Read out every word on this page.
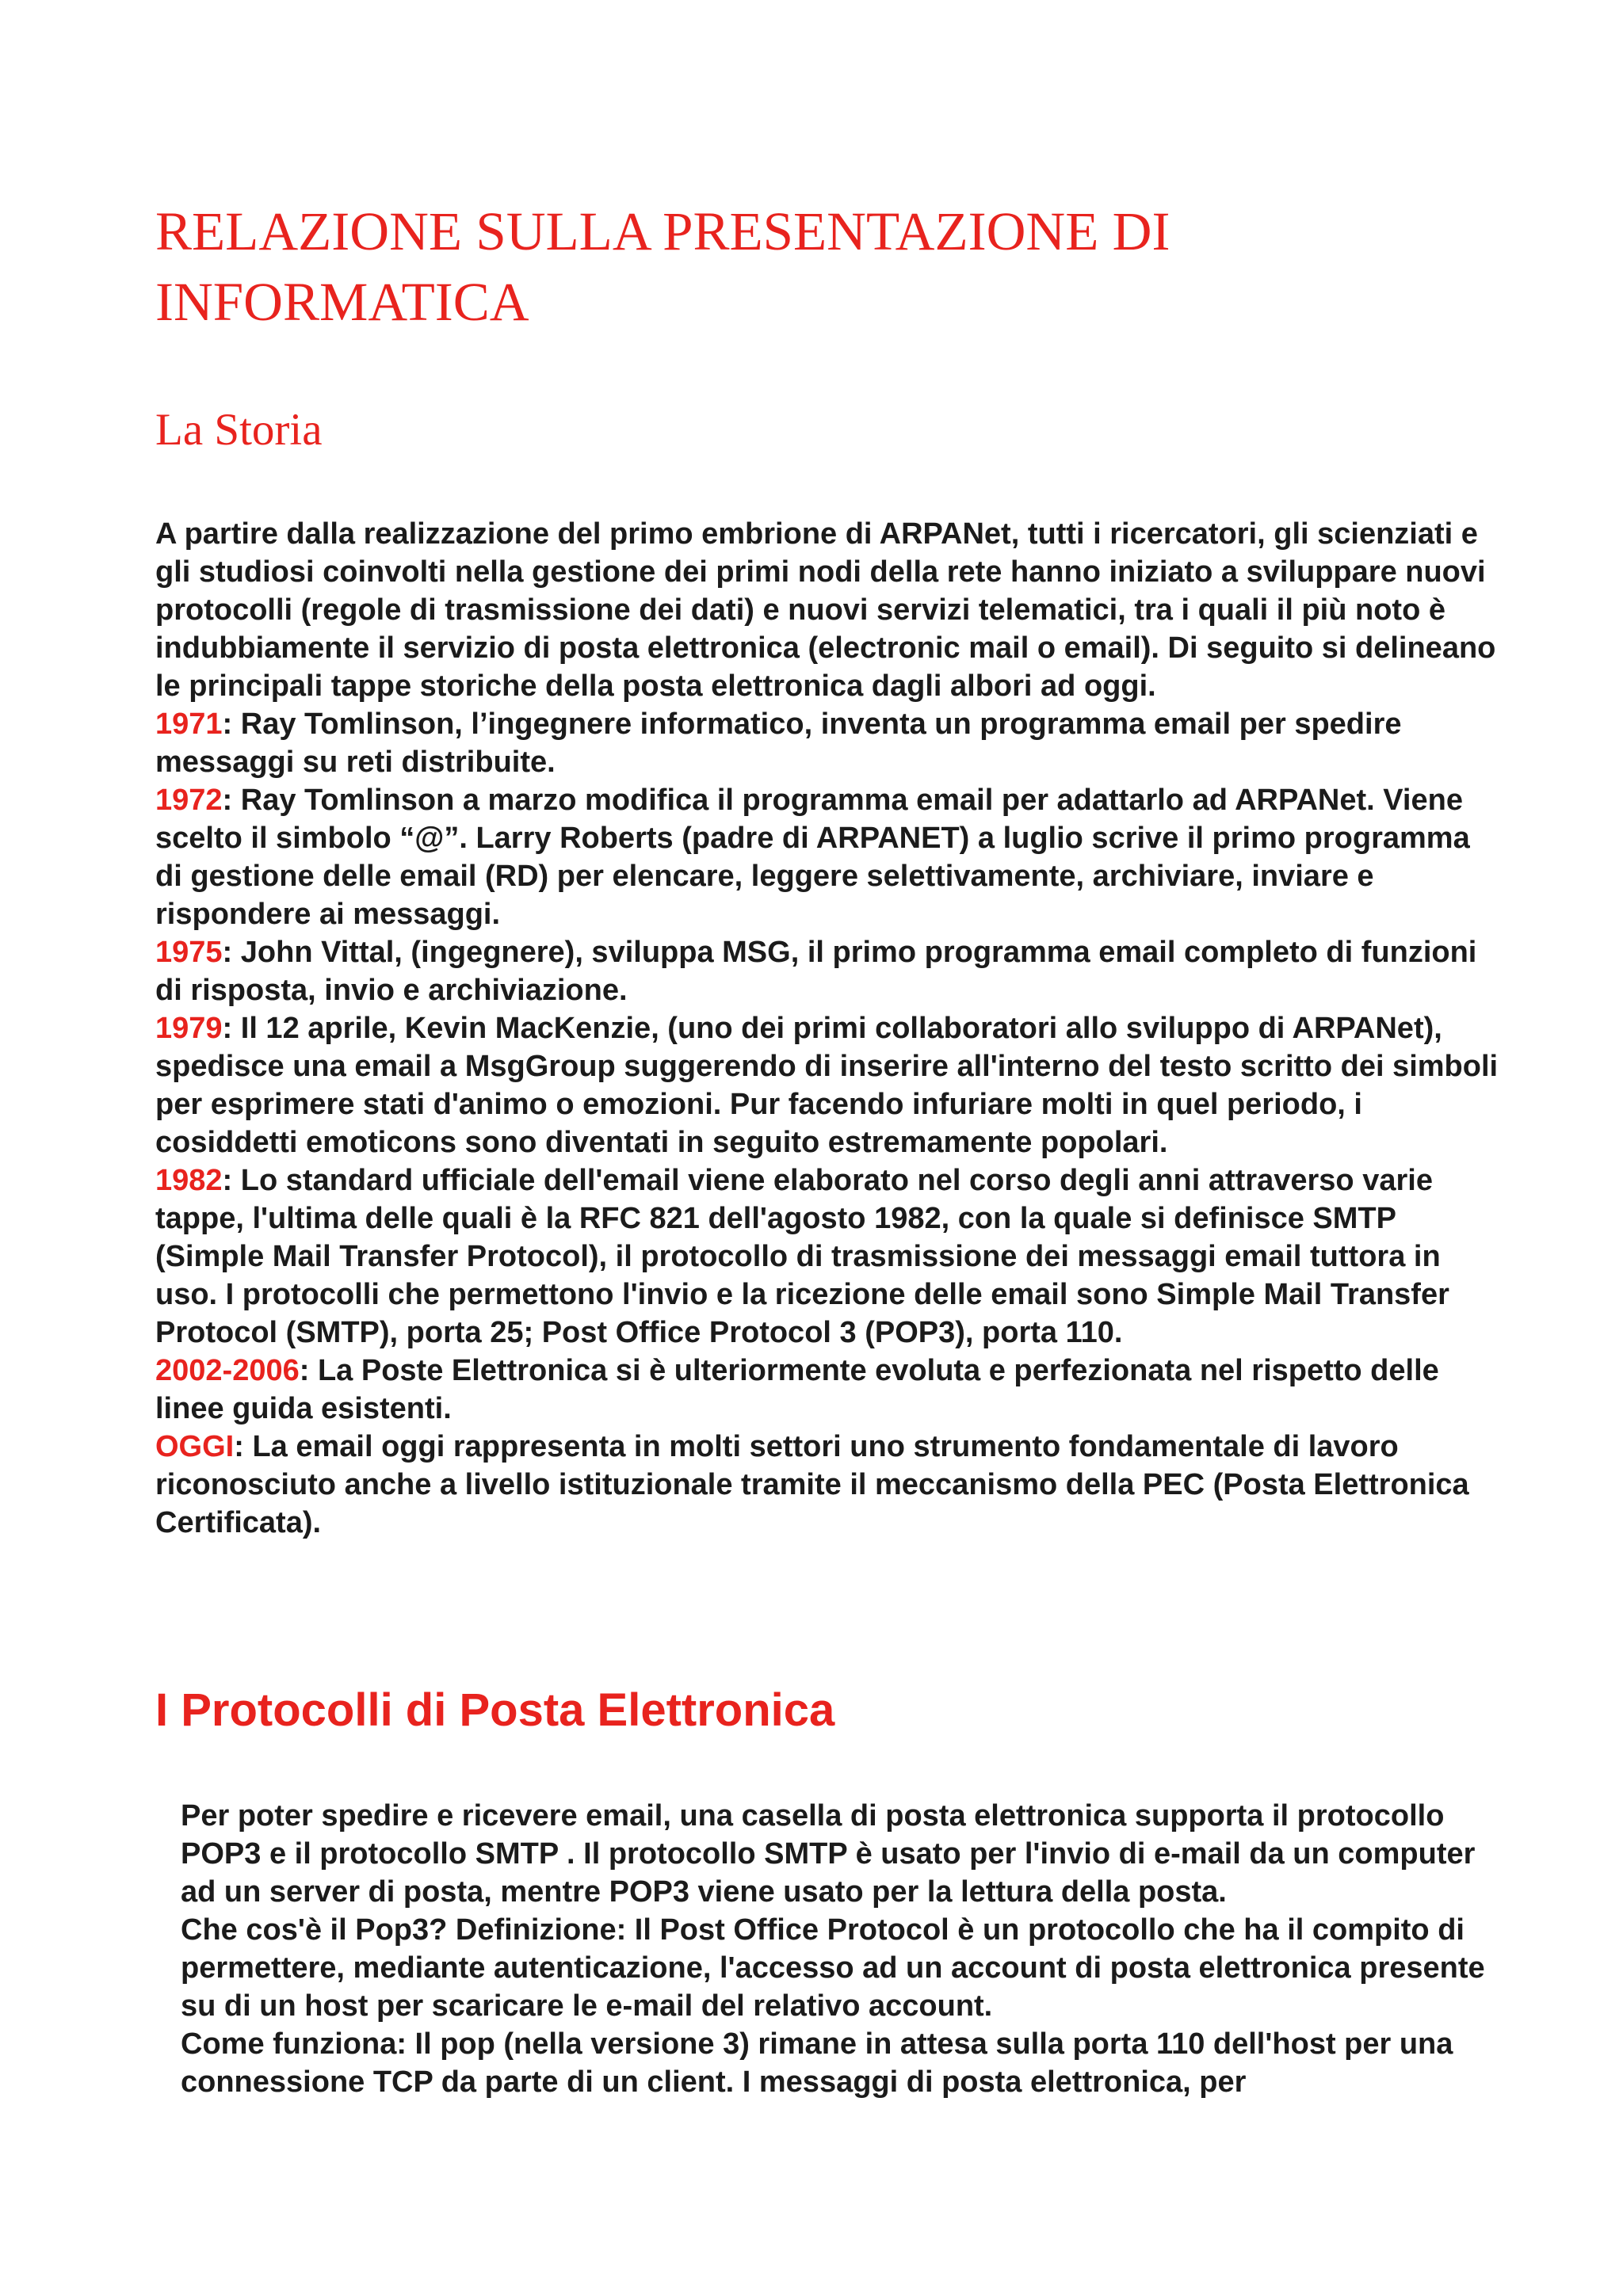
RELAZIONE SULLA PRESENTAZIONE DI INFORMATICA
La Storia

A partire dalla realizzazione del primo embrione di ARPANet, tutti i ricercatori, gli scienziati e gli studiosi coinvolti nella gestione dei primi nodi della rete hanno iniziato a sviluppare nuovi protocolli (regole di trasmissione dei dati) e nuovi servizi telematici, tra i quali il più noto è indubbiamente il servizio di posta elettronica (electronic mail o email). Di seguito si delineano le principali tappe storiche della posta elettronica dagli albori ad oggi.

1971: Ray Tomlinson, l’ingegnere informatico, inventa un programma email per spedire messaggi su reti distribuite.

1972: Ray Tomlinson a marzo modifica il programma email per adattarlo ad ARPANet. Viene scelto il simbolo “@”. Larry Roberts (padre di ARPANET) a luglio scrive il primo programma di gestione delle email (RD) per elencare, leggere selettivamente, archiviare, inviare e rispondere ai messaggi.

1975: John Vittal, (ingegnere), sviluppa MSG, il primo programma email completo di funzioni di risposta, invio e archiviazione.

1979: Il 12 aprile, Kevin MacKenzie, (uno dei primi collaboratori allo sviluppo di ARPANet), spedisce una email a MsgGroup suggerendo di inserire all'interno del testo scritto dei simboli per esprimere stati d'animo o emozioni. Pur facendo infuriare molti in quel periodo, i cosiddetti emoticons sono diventati in seguito estremamente popolari.

1982: Lo standard ufficiale dell'email viene elaborato nel corso degli anni attraverso varie tappe, l'ultima delle quali è la RFC 821 dell'agosto 1982, con la quale si definisce SMTP (Simple Mail Transfer Protocol), il protocollo di trasmissione dei messaggi email tuttora in uso. I protocolli che permettono l'invio e la ricezione delle email sono Simple Mail Transfer Protocol (SMTP), porta 25; Post Office Protocol 3 (POP3), porta 110.

2002-2006: La Poste Elettronica si è ulteriormente evoluta e perfezionata nel rispetto delle linee guida esistenti.

OGGI: La email oggi rappresenta in molti settori uno strumento fondamentale di lavoro riconosciuto anche a livello istituzionale tramite il meccanismo della PEC (Posta Elettronica Certificata).

I Protocolli di Posta Elettronica

Per poter spedire e ricevere email, una casella di posta elettronica supporta il protocollo POP3 e il protocollo SMTP . Il protocollo SMTP è usato per l'invio di e-mail da un computer ad un server di posta, mentre POP3 viene usato per la lettura della posta.

Che cos'è il Pop3? Definizione: Il Post Office Protocol è un protocollo che ha il compito di permettere, mediante autenticazione, l'accesso ad un account di posta elettronica presente su di un host per scaricare le e-mail del relativo account.

Come funziona: Il pop (nella versione 3) rimane in attesa sulla porta 110 dell'host per una connessione TCP da parte di un client. I messaggi di posta elettronica, per
